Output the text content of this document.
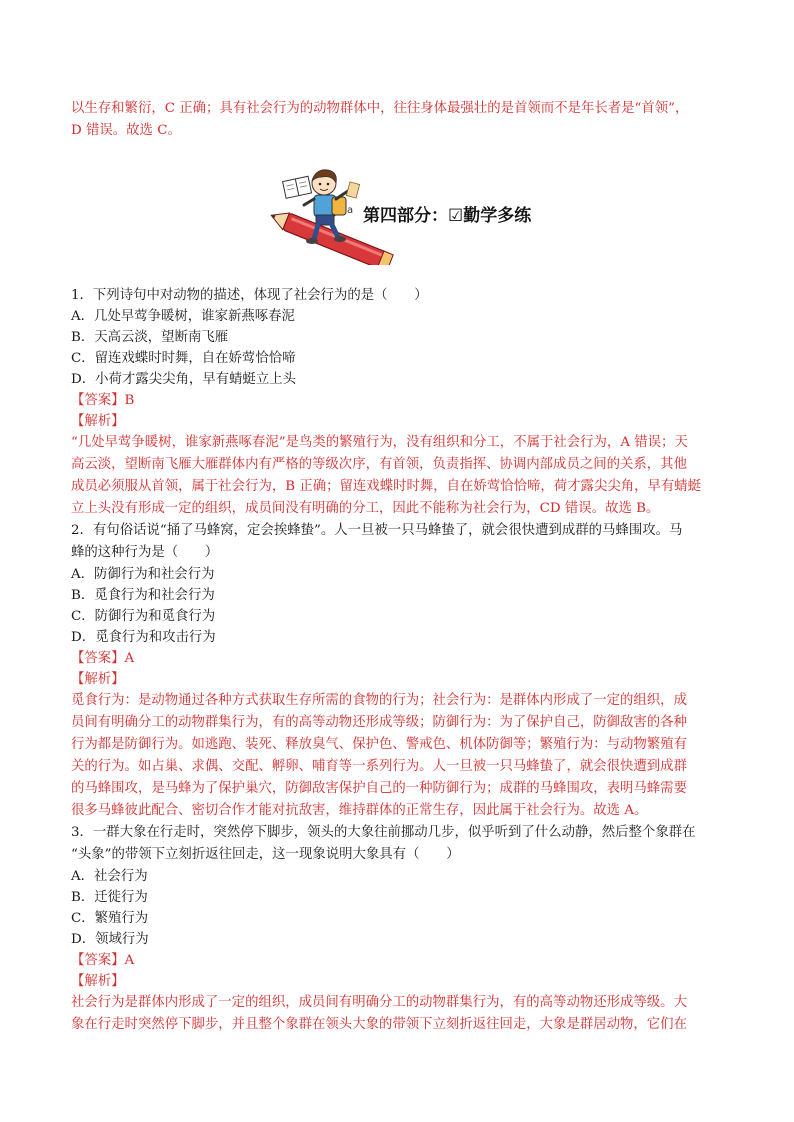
以生存和繁衍，C 正确；具有社会行为的动物群体中，往往身体最强壮的是首领而不是年长者是“首领”，
D 错误。故选 C。
a 第四部分：☑勤学多练
1．下列诗句中对动物的描述，体现了社会行为的是（　　）
A．几处早莺争暖树，谁家新燕啄春泥
B．天高云淡，望断南飞雁
C．留连戏蝶时时舞，自在娇莺恰恰啼
D．小荷才露尖尖角，早有蜻蜓立上头
【答案】B
【解析】
“几处早莺争暖树，谁家新燕啄春泥”是鸟类的繁殖行为，没有组织和分工，不属于社会行为，A 错误；天
高云淡，望断南飞雁大雁群体内有严格的等级次序，有首领，负责指挥、协调内部成员之间的关系，其他
成员必须服从首领，属于社会行为，B 正确；留连戏蝶时时舞，自在娇莺恰恰啼，荷才露尖尖角，早有蜻蜓
立上头没有形成一定的组织，成员间没有明确的分工，因此不能称为社会行为，CD 错误。故选 B。
2．有句俗话说“捅了马蜂窝，定会挨蜂蛰”。人一旦被一只马蜂蛰了，就会很快遭到成群的马蜂围攻。马
蜂的这种行为是（　　）
A．防御行为和社会行为
B．觅食行为和社会行为
C．防御行为和觅食行为
D．觅食行为和攻击行为
【答案】A
【解析】
觅食行为：是动物通过各种方式获取生存所需的食物的行为；社会行为：是群体内形成了一定的组织，成
员间有明确分工的动物群集行为，有的高等动物还形成等级；防御行为：为了保护自己，防御敌害的各种
行为都是防御行为。如逃跑、装死、释放臭气、保护色、警戒色、机体防御等；繁殖行为：与动物繁殖有
关的行为。如占巢、求偶、交配、孵卵、哺育等一系列行为。人一旦被一只马蜂蛰了，就会很快遭到成群
的马蜂围攻，是马蜂为了保护巢穴，防御敌害保护自己的一种防御行为；成群的马蜂围攻，表明马蜂需要
很多马蜂彼此配合、密切合作才能对抗敌害，维持群体的正常生存，因此属于社会行为。故选 A。
3．一群大象在行走时，突然停下脚步，领头的大象往前挪动几步，似乎听到了什么动静，然后整个象群在
“头象”的带领下立刻折返往回走，这一现象说明大象具有（　　）
A．社会行为
B．迁徙行为
C．繁殖行为
D．领域行为
【答案】A
【解析】
社会行为是群体内形成了一定的组织，成员间有明确分工的动物群集行为，有的高等动物还形成等级。大
象在行走时突然停下脚步，并且整个象群在领头大象的带领下立刻折返往回走，大象是群居动物，它们在
